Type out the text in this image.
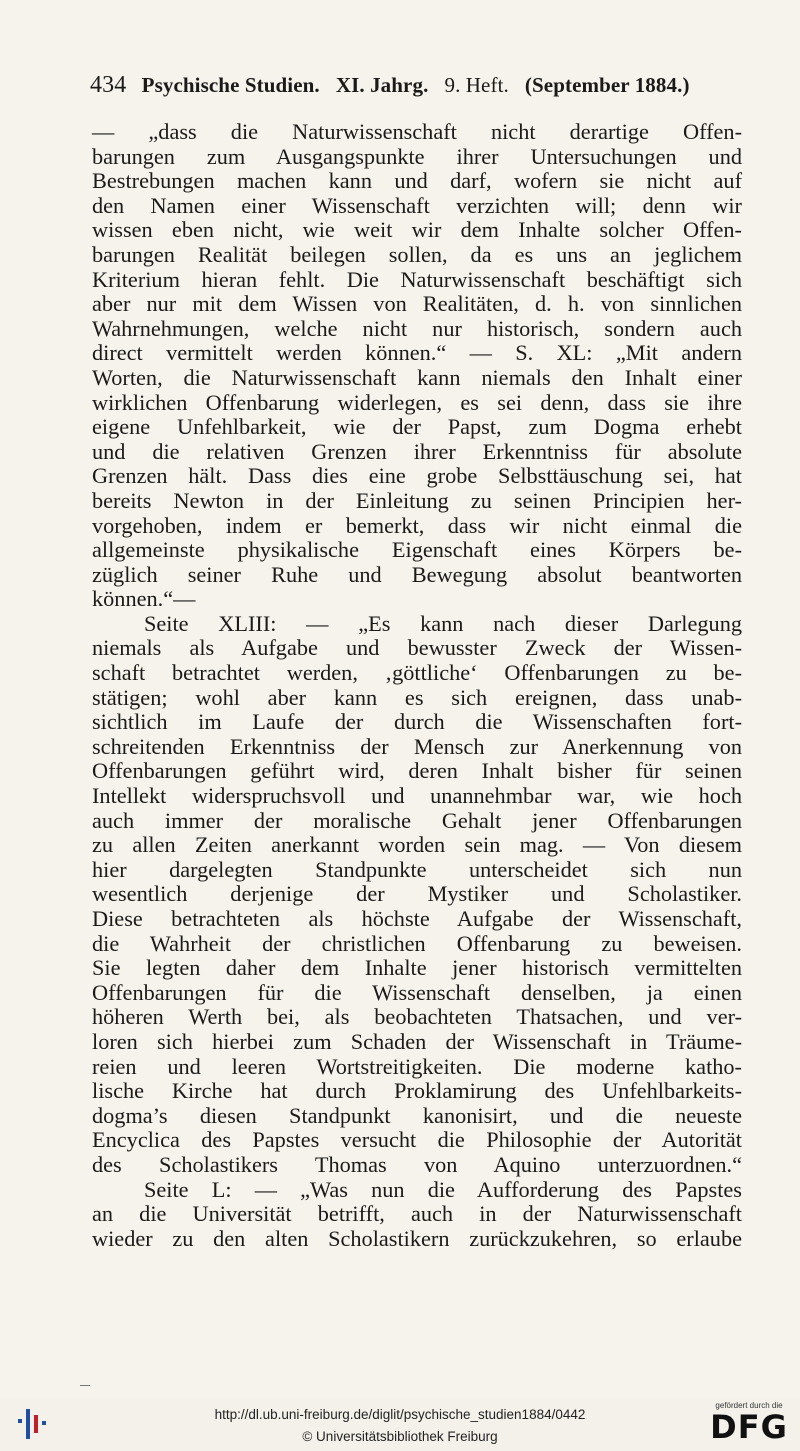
434 Psychische Studien. XI. Jahrg. 9. Heft. (September 1884.)
— „dass die Naturwissenschaft nicht derartige Offen-
barungen zum Ausgangspunkte ihrer Untersuchungen und
Bestrebungen machen kann und darf, wofern sie nicht auf
den Namen einer Wissenschaft verzichten will; denn wir
wissen eben nicht, wie weit wir dem Inhalte solcher Offen-
barungen Realität beilegen sollen, da es uns an jeglichem
Kriterium hieran fehlt. Die Naturwissenschaft beschäftigt sich
aber nur mit dem Wissen von Realitäten, d. h. von sinnlichen
Wahrnehmungen, welche nicht nur historisch, sondern auch
direct vermittelt werden können.“ — S. XL: „Mit andern
Worten, die Naturwissenschaft kann niemals den Inhalt einer
wirklichen Offenbarung widerlegen, es sei denn, dass sie ihre
eigene Unfehlbarkeit, wie der Papst, zum Dogma erhebt
und die relativen Grenzen ihrer Erkenntniss für absolute
Grenzen hält. Dass dies eine grobe Selbsttäuschung sei, hat
bereits Newton in der Einleitung zu seinen Principien her-
vorgehoben, indem er bemerkt, dass wir nicht einmal die
allgemeinste physikalische Eigenschaft eines Körpers be-
züglich seiner Ruhe und Bewegung absolut beantworten
können.“—
Seite XLIII: — „Es kann nach dieser Darlegung
niemals als Aufgabe und bewusster Zweck der Wissen-
schaft betrachtet werden, ‚göttliche‘ Offenbarungen zu be-
stätigen; wohl aber kann es sich ereignen, dass unab-
sichtlich im Laufe der durch die Wissenschaften fort-
schreitenden Erkenntniss der Mensch zur Anerkennung von
Offenbarungen geführt wird, deren Inhalt bisher für seinen
Intellekt widerspruchsvoll und unannehmbar war, wie hoch
auch immer der moralische Gehalt jener Offenbarungen
zu allen Zeiten anerkannt worden sein mag. — Von diesem
hier dargelegten Standpunkte unterscheidet sich nun
wesentlich derjenige der Mystiker und Scholastiker.
Diese betrachteten als höchste Aufgabe der Wissenschaft,
die Wahrheit der christlichen Offenbarung zu beweisen.
Sie legten daher dem Inhalte jener historisch vermittelten
Offenbarungen für die Wissenschaft denselben, ja einen
höheren Werth bei, als beobachteten Thatsachen, und ver-
loren sich hierbei zum Schaden der Wissenschaft in Träume-
reien und leeren Wortstreitigkeiten. Die moderne katho-
lische Kirche hat durch Proklamirung des Unfehlbarkeits-
dogma’s diesen Standpunkt kanonisirt, und die neueste
Encyclica des Papstes versucht die Philosophie der Autorität
des Scholastikers Thomas von Aquino unterzuordnen.“
Seite L: — „Was nun die Aufforderung des Papstes
an die Universität betrifft, auch in der Naturwissenschaft
wieder zu den alten Scholastikern zurückzukehren, so erlaube
http://dl.ub.uni-freiburg.de/diglit/psychische_studien1884/0442
© Universitätsbibliothek Freiburg
gefördert durch die
DFG
